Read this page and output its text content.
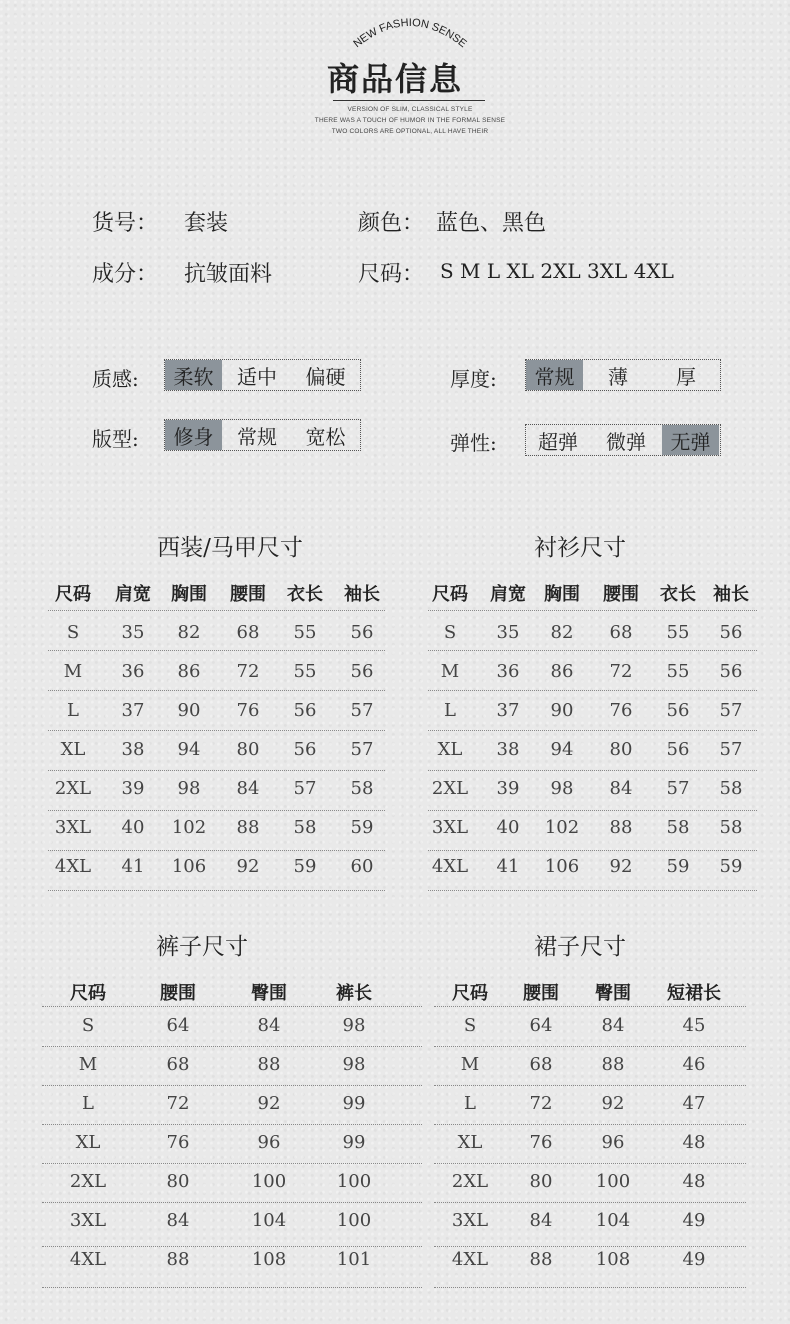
NEW FASHION SENSE
商品信息
VERSION OF SLIM, CLASSICAL STYLE
THERE WAS A TOUCH OF HUMOR IN THE FORMAL SENSE
TWO COLORS ARE OPTIONAL, ALL HAVE THEIR
货号： 套装	颜色： 蓝色、黑色
成分： 抗皱面料	尺码： S M L XL 2XL 3XL 4XL
质感:	柔软	适中	偏硬	厚度:	常规	薄	厚
版型:	修身	常规	宽松	弹性:	超弹	微弹	无弹
西装/马甲尺寸	衬衫尺寸
裤子尺寸	裙子尺寸
尺码 肩宽 胸围 腰围 衣长 袖长
S 35 82 68 55 56
M 36 86 72 55 56
L 37 90 76 56 57
XL 38 94 80 56 57
2XL 39 98 84 57 58
3XL 40 102 88 58 59
4XL 41 106 92 59 60
尺码 肩宽 胸围 腰围 衣长 袖长
S 35 82 68 55 56
M 36 86 72 55 56
L 37 90 76 56 57
XL 38 94 80 56 57
2XL 39 98 84 57 58
3XL 40 102 88 58 58
4XL 41 106 92 59 59
尺码	腰围	臀围	裤长
S	64	84	98
M	68	88	98
L	72	92	99
XL	76	96	99
2XL	80	100	100
3XL	84	104	100
4XL	88	108	101
尺码 腰围 臀围 短裙长
S	64	84	45
M	68	88	46
L	72	92	47
XL	76	96	48
2XL 80 100	48
3XL 84 104	49
4XL 88 108	49
